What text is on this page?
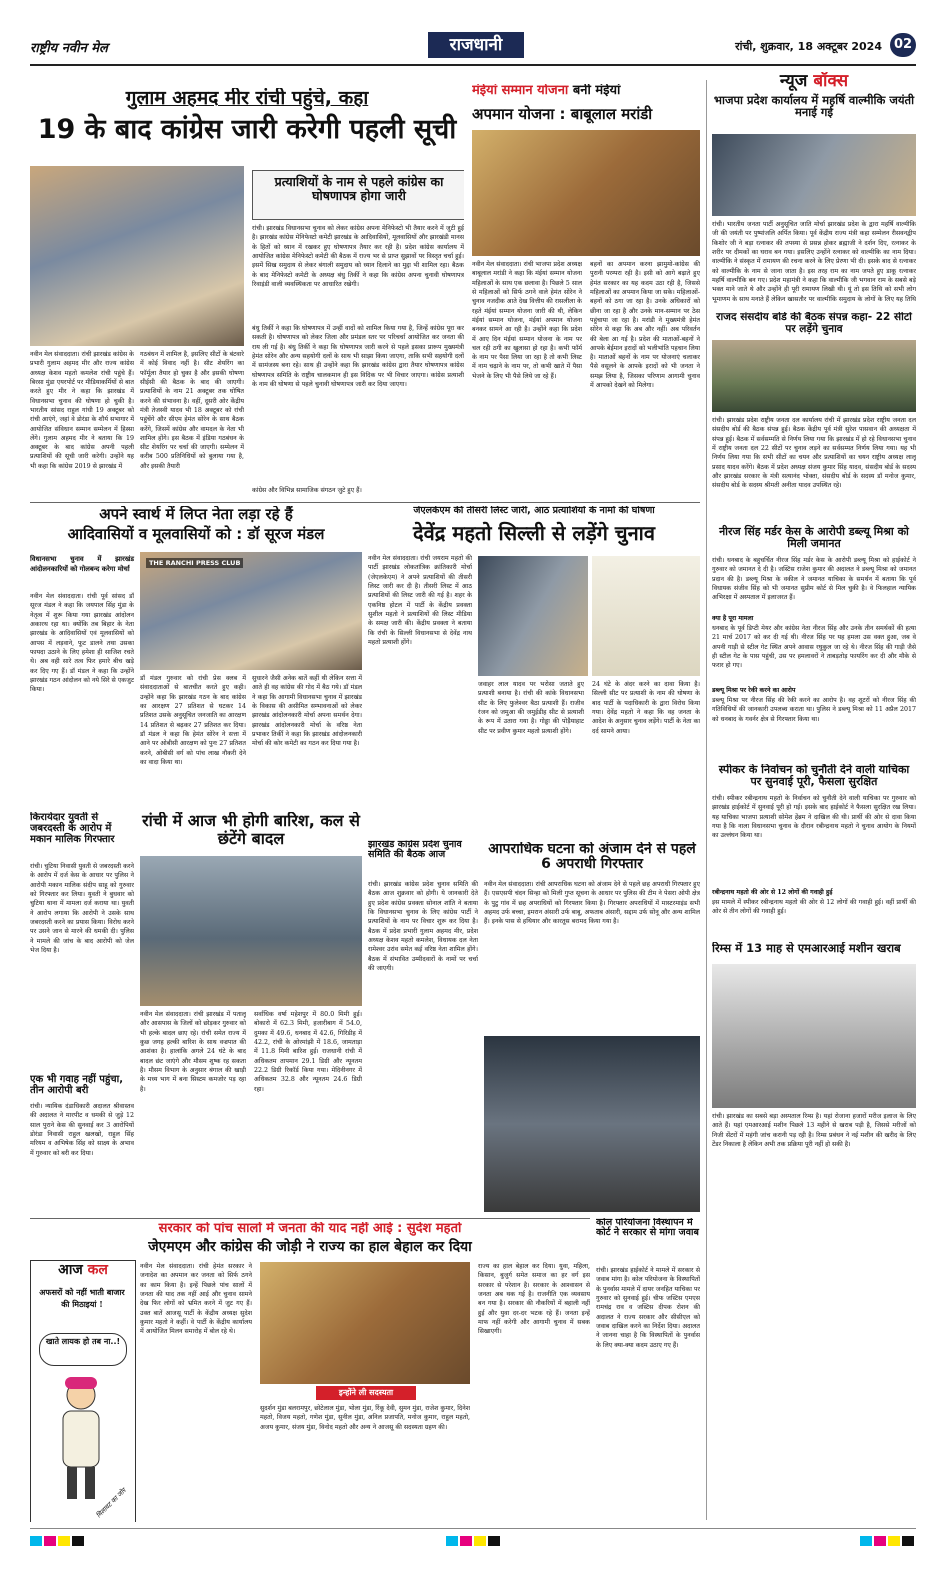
राष्ट्रीय नवीन मेल	राजधानी	रांची, शुक्रवार, 18 अक्टूबर 2024 02

गुलाम अहमद मीर रांची पहुंचे, कहा

19 के बाद कांग्रेस जारी करेगी पहली सूची

प्रत्याशियों के नाम से पहले कांग्रेस का घोषणापत्र होगा जारी

रांची। झारखंड विधानसभा चुनाव को लेकर कांग्रेस अपना मेनिफेस्टो भी तैयार करने में जुटी हुई है। झारखंड कांग्रेस मेनिफेस्टो कमेटी झारखंड के आदिवासियों, मूलवासियों और झारखंडी मानस के हितों को ध्यान में रखकर हुए घोषणापत्र तैयार कर रही है। प्रदेश कांग्रेस कार्यालय में आयोजित कांग्रेस मेनिफेस्टो कमेटी की बैठक में राज्य भर से प्राप्त सुझावों पर विस्तृत चर्चा हुई। इसमें सिख समुदाय से लेकर बंगाली समुदाय को ध्यान दिलाने का मुद्दा भी शामिल रहा। बैठक के बाद मेनिफेस्टो कमेटी के अध्यक्ष बंधु तिर्की ने कहा कि कांग्रेस अपना चुनावी घोषणापत्र रिवाइंडी वाली व्यवस्थिकता पर आधारित रखेगी।

नवीन मेल संवाददाता। रांची झारखंड कांग्रेस के प्रभारी गुलाम अहमद मीर और राज्य कांग्रेस अध्यक्ष केशव महतो कमलेश रांची पहुंचे हैं। बिरसा मुंडा एयरपोर्ट पर मीडियाकर्मियों से बात करते हुए मीर ने कहा कि झारखंड में विधानसभा चुनाव की घोषणा हो चुकी है। भारतीय सांसद राहुल गांधी 19 अक्टूबर को रांची आएंगे, जहां वे डोरंडा के शौर्य सभागार में आयोजित संविधान सम्मान सम्मेलन में हिस्सा लेंगे। गुलाम अहमद मीर ने बताया कि 19 अक्टूबर के बाद कांग्रेस अपनी पहली प्रत्याशियों की सूची जारी करेगी। उन्होंने यह भी कहा कि कांग्रेस 2019 से झारखंड में

गठबंधन में शामिल है, इसलिए सीटों के बंटवारे में कोई विवाद नहीं है। सीट शेयरिंग का फॉर्मूला तैयार हो चुका है और इसकी घोषणा सीईसी की बैठक के बाद की जाएगी। प्रत्याशियों के नाम 21 अक्टूबर तक घोषित करने की संभावना है। वहीं, दूसरी ओर केंद्रीय मंत्री तेजस्वी यादव भी 18 अक्टूबर को रांची पहुंचेंगे और सीएम हेमंत सोरेन के साथ बैठक करेंगे, जिसमें कांग्रेस और वामदल के नेता भी शामिल होंगे। इस बैठक में इंडिया गठबंधन के सीट शेयरिंग पर चर्चा की जाएगी। सम्मेलन में करीब 500 प्रतिनिधियों को बुलाया गया है, और इसकी तैयारी

बंधु तिर्की ने कहा कि घोषणापत्र में उन्हीं वादों को शामिल किया गया है, जिन्हें कांग्रेस पूरा कर सकती है। घोषणापत्र को लेकर जिला और प्रमंडल स्तर पर परिचर्चा आयोजित कर जनता की राय ली गई है। बंधु तिर्की ने कहा कि घोषणापत्र जारी करने से पहले इसका प्रारूप मुख्यमंत्री हेमंत सोरेन और अन्य सहयोगी दलों के साथ भी साझा किया जाएगा, ताकि सभी सहयोगी दलों में सामंजस्य बना रहे। साथ ही उन्होंने कहा कि झारखंड कांग्रेस द्वारा तैयार घोषणापत्र कांग्रेस घोषणापत्र समिति के राष्ट्रीय चालकमान ही इस विदिक पर भी विचार जाएगा। कांग्रेस प्रत्याशी के नाम की घोषणा से पहले चुनावी घोषणापत्र जारी कर दिया जाएगा।

कांग्रेस और विभिन्न सामाजिक संगठन जुटे हुए हैं।

मंईयां सम्मान योजना बनी मंईयां

अपमान योजना : बाबूलाल मरांडी

नवीन मेल संवाददाता। रांची भाजपा प्रदेश अध्यक्ष बाबूलाल मरांडी ने कहा कि मंईयां सम्मान योजना महिलाओं के साथ एक छलावा है। पिछले 5 साल से महिलाओं को सिर्फ ठगने वाले हेमंत सोरेन ने चुनाव नजदीक आते देख वित्तीय की रासलीला के रहते मंईयां सम्मान योजना जारी की थी, लेकिन मंईयां सम्मान योजना, मंईयां अपमान योजना बनकर सामने आ रही है। उन्होंने कहा कि प्रदेश में आए दिन मंईयां सम्मान योजना के नाम पर चल रही ठगी का खुलासा हो रहा है। कभी फॉर्म के नाम पर पैसा लिया जा रहा है तो कभी लिस्ट में नाम चढ़ाने के नाम पर, तो कभी खाते में पैसा भेजने के लिए भी पैसे लिये जा रहे हैं।

बहनों का अपमान करना झामुमो-कांग्रेस की पुरानी परम्परा रही है। इसी को आगे बढ़ाते हुए हेमंत सरकार का यह कदम उठा रही है, जिससे महिलाओं का अपमान किया जा सके। महिलाओं-बहनों को ठगा जा रहा है। उनके अधिकारों को छीना जा रहा है और उनके मान-सम्मान पर ठेस पहुंचाया जा रहा है। मरांडी ने मुख्यमंत्री हेमंत सोरेन से कहा कि अब और नहीं। अब परिवर्तन की बेला आ गई है। प्रदेश की माताओं-बहनों ने आपके बेईमान इरादों को भलीभांति पहचान लिया है। माताओं बहनों के नाम पर योजनाएं चलाकर पैसे वसूलने के आपके इरादों को भी जनता ने समझ लिया है, जिसका परिणाम आगामी चुनाव में आपको देखने को मिलेगा।

न्यूज बॉक्स

भाजपा प्रदेश कार्यालय में महर्षि वाल्मीकि जयंती मनाई गई

रांची। भारतीय जनता पार्टी अनुसूचित जाति मोर्चा झारखंड प्रदेश के द्वारा महर्षि वाल्मीकि जी की जयंती पर पुष्पांजलि अर्पित किया। पूर्व केंद्रीय राज्य मंत्री कहा सम्मेलन रीसवनद्वीप किशोर जी ने बड़ा रत्नाकर की तपस्या से प्रसन्न होकर ब्रह्माजी ने दर्शन दिए, रत्नाकर के शरीर पर दीमकों का घराव बन गया। इसलिए उन्होंने रत्नाकर को वाल्मीकि का नाम दिया। वाल्मीकि ने संस्कृत में रामायण की रचना करने के लिए प्रेरणा भी दी। इसके बाद से रत्नाकर को वाल्मीकि के नाम से जाना जाता है। इस तरह राम का नाम जपते हुए डाकू रत्नाकर महर्षि वाल्मीकि बन गए। प्रदेश महामंत्री ने कहा कि वाल्मीकि जी भगवान राम के सबसे बड़े भक्त माने जाते थे और उन्होंने ही पूरी रामायण लिखी थी। यूं तो इस तिथि को सभी लोग भूमाणम के साथ मनाते हैं लेकिन खासतौर पर वाल्मीकि समुदाय के लोगों के लिए यह तिथि

राजद संसदीय बोर्ड की बैठक संपन्न कहा- 22 सीटों पर लड़ेंगे चुनाव

रांची। झारखंड प्रदेश राष्ट्रीय जनता दल कार्यालय रांची में झारखंड प्रदेश राष्ट्रीय जनता दल संसदीय बोर्ड की बैठक संपन्न हुई। बैठक केंद्रीय पूर्व मंत्री सुरेश पासवान की अध्यक्षता में संपन्न हुई। बैठक में सर्वसम्मति से निर्णय लिया गया कि झारखंड में हो रहे विधानसभा चुनाव में राष्ट्रीय जनता दल 22 सीटों पर चुनाव लड़ने का सर्वसम्मत निर्णय लिया गया। यह भी निर्णय लिया गया कि सभी सीटों का चयन और प्रत्याशियों का चयन राष्ट्रीय अध्यक्ष लालू प्रसाद यादव करेंगे। बैठक में प्रदेश अध्यक्ष संजय कुमार सिंह यादव, संसदीय बोर्ड के सदस्य और झारखंड सरकार के मंत्री सत्यानंद भोक्ता, संसदीय बोर्ड के सदस्य डॉ मनोज कुमार, संसदीय बोर्ड के सदस्य श्रीमती अनीता यादव उपस्थित रहे।

नीरज सिंह मर्डर केस के आरोपी डब्ल्यू मिश्रा को मिली जमानत

रांची। धनबाद के बहुचर्चित नीरज सिंह मर्डर केस के आरोपी डब्ल्यू मिश्रा को हाईकोर्ट ने गुरुवार को जमानत दे दी है। जस्टिस राजेश कुमार की अदालत ने डब्ल्यू मिश्रा को जमानत प्रदान की है। डब्ल्यू मिश्रा के वकील ने जमानत याचिका के समर्थन में बताया कि पूर्व विधायक संजीव सिंह को भी जमानत सुप्रीम कोर्ट से मिल चुकी है। वे फिलहाल न्यायिक अभिरक्षा में अस्पताल में इलाजरत हैं।

क्या है पूरा मामला

धनबाद के पूर्व डिप्टी मेयर और कांग्रेस नेता नीरज सिंह और उनके तीन समर्थकों की हत्या 21 मार्च 2017 को कर दी गई थी। नीरज सिंह पर यह हमला उस वक्त हुआ, जब वे अपनी गाड़ी से स्टील गेट स्थित अपने आवास रघुकुल जा रहे थे। नीरज सिंह की गाड़ी जैसे ही स्टील गेट के पास पहुंची, उस पर हमलावरों ने ताबड़तोड़ फायरिंग कर दी और मौके से फरार हो गए।

डब्ल्यू मिश्रा पर रेकी करने का आरोप

डब्ल्यू मिश्रा पर नीरज सिंह की रेकी करने का आरोप है। वह शूटरों को नीरज सिंह की गतिविधियों की जानकारी उपलब्ध कराता था। पुलिस ने डब्ल्यू मिश्रा को 11 अप्रैल 2017 को धनबाद के गवर्नर क्षेत्र से गिरफ्तार किया था।

स्पीकर के निर्वाचन को चुनौती देने वाली याचिका पर सुनवाई पूरी, फैसला सुरक्षित

रांची। स्पीकर रबीन्द्रनाथ महतो के निर्वाचन को चुनौती देने वाली याचिका पर गुरुवार को झारखंड हाईकोर्ट में सुनवाई पूरी हो गई। इसके बाद हाईकोर्ट ने फैसला सुरक्षित रख लिया। यह याचिका भाजपा प्रत्याशी सोमेश हेंब्रम ने दाखिल की थी। प्रार्थी की ओर से दावा किया गया है कि नाला विधानसभा चुनाव के दौरान रबीन्द्रनाथ महतो ने चुनाव आयोग के नियमों का उल्लंघन किया था।

रबीन्द्रनाथ महतो की ओर से 12 लोगों की गवाही हुई

इस मामले में स्पीकर रबीन्द्रनाथ महतो की ओर से 12 लोगों की गवाही हुई। वहीं प्रार्थी की ओर से तीन लोगों की गवाही हुई।

रिम्स में 13 माह से एमआरआई मशीन खराब

रांची। झारखंड का सबसे बड़ा अस्पताल रिम्स है। यहां रोजाना हजारों मरीज इलाज के लिए आते हैं। यहां एमआरआई मशीन पिछले 13 महीने से खराब पड़ी है, जिससे मरीजों को निजी सेंटरों में महंगी जांच करानी पड़ रही है। रिम्स प्रबंधन ने नई मशीन की खरीद के लिए टेंडर निकाला है लेकिन अभी तक प्रक्रिया पूरी नहीं हो सकी है।

अपने स्वार्थ में लिप्त नेता लड़ा रहे हैं

आदिवासियों व मूलवासियों को : डॉ सूरज मंडल

विधानसभा चुनाव में झारखंड आंदोलनकारियों को गोलबन्द करेगा मोर्चा

THE RANCHI PRESS CLUB

नवीन मेल संवाददाता। रांची पूर्व सांसद डॉ सूरज मंडल ने कहा कि जयपाल सिंह मुंडा के नेतृत्व में शुरू किया गया झारखंड आंदोलन अकारथ रहा था। क्योंकि तब बिहार के नेता झारखंड के आदिवासियों एवं मूलवासियों को आपस में लड़वाने, फूट डालने तथा उसका फायदा उठाने के लिए हमेशा ही साजिश रचते थे। अब वही सारे तत्व फिर हमारे बीच खड़े कर दिए गए हैं। डॉ मंडल ने कहा कि उन्होंने झारखंड गठन आंदोलन को नये सिरे से एकजुट किया।

डॉ मंडल गुरुवार को रांची प्रेस क्लब में संवाददाताओं से बातचीत करते हुए कही। उन्होंने कहा कि झारखंड गठन के बाद कांग्रेस का आरक्षण 27 प्रतिशत से घटकर 14 प्रतिशत उसके अनुसूचित जनजाति का आरक्षण 14 प्रतिशत से बढ़कर 27 प्रतिशत कर दिया। डॉ मंडल ने कहा कि हेमंत सोरेन ने सत्ता में आने पर ओबीसी आरक्षण को पुनः 27 प्रतिशत करने, ओबीसी वर्ग को पांच लाख नौकरी देने का वादा किया था।

सुधारने जैसी अनेक बातें कहीं थी लेकिन सत्ता में आते ही वह कांग्रेस की गोद में बैठ गये। डॉ मंडल ने कहा कि आगामी विधानसभा चुनाव में झारखंड के विकास की असीमित सम्भावनाओं को लेकर झारखंड आंदोलनकारी मोर्चा अपना समर्थन देगा। झारखंड आंदोलनकारी मोर्चा के वरिष्ठ नेता प्रभाकर तिर्की ने कहा कि झारखंड आंदोलनकारी मोर्चा की कोर कमेटी का गठन कर दिया गया है।

जेएलकेएम की तीसरी लिस्ट जारी, आठ प्रत्याशियों के नामों की घोषणा

देवेंद्र महतो सिल्ली से लड़ेंगे चुनाव

नवीन मेल संवाददाता। रांची जयराम महतो की पार्टी झारखंड लोकतांत्रिक क्रांतिकारी मोर्चा (जेएलकेएम) ने अपने प्रत्याशियों की तीसरी लिस्ट जारी कर दी है। तीसरी लिस्ट में आठ प्रत्याशियों की लिस्ट जारी की गई है। शहर के एकनिष्ठ होटल में पार्टी के केंद्रीय प्रवक्ता सुशील महतो ने प्रत्याशियों की लिस्ट मीडिया के समक्ष जारी की। केंद्रीय प्रवक्ता ने बताया कि रांची के सिल्ली विधानसभा से देवेंद्र नाथ महतो प्रत्याशी होंगे।

जवाहर लाल यादव पर भरोसा जताते हुए प्रत्याशी बनाया है। रांची की कांके विधानसभा सीट के लिए फुलेश्वर बैठा प्रत्याशी हैं। राजीव रंजन को जमुआ की जमुईडीह सीट से प्रत्याशी के रूप में उतारा गया है। गोड्डा की पोड़ैयाहाट सीट पर प्रवीण कुमार महतो प्रत्याशी होंगे।

24 घंटे के अंदर करने का दावा किया है। सिल्ली सीट पर प्रत्याशी के नाम की घोषणा के बाद पार्टी के पदाधिकारी के द्वारा विरोध किया गया। देवेंद्र महतो ने कहा कि वह जनता के आदेश के अनुसार चुनाव लड़ेंगे। पार्टी के नेता का दर्द सामने आया।

किरायेदार युवती से जबरदस्ती के आरोप में मकान मालिक गिरफ्तार

रांची। चुटिया निवासी युवती से जबरदस्ती करने के आरोप में दर्ज केस के आधार पर पुलिस ने आरोपी मकान मालिक संदीप साहू को गुरुवार को गिरफ्तार कर लिया। युवती ने बुधवार को चुटिया थाना में मामला दर्ज कराया था। युवती ने आरोप लगाया कि आरोपी ने उसके साथ जबरदस्ती करने का प्रयास किया। विरोध करने पर उसने जान से मारने की धमकी दी। पुलिस ने मामले की जांच के बाद आरोपी को जेल भेज दिया है।

एक भी गवाह नहीं पहुंचा, तीन आरोपी बरी

रांची। न्यायिक दंडाधिकारी अदालत श्रीवास्तव की अदालत ने मारपीट व धमकी से जुड़े 12 साल पुराने केस की सुनवाई कर 3 आरोपियों डोरंडा निवासी राहुल खलखो, राहुल सिंह मरियम व अभिषेक सिंह को साक्ष्य के अभाव में गुरुवार को बरी कर दिया।

रांची में आज भी होगी बारिश, कल से छंटेंगे बादल

नवीन मेल संवाददाता। रांची झारखंड में पतालू और आसपास के जिलों को छोड़कर गुरुवार को भी हल्के बादल छाए रहे। रांची समेत राज्य में कुछ जगह हल्की बारिश के साथ वज्रपात की आशंका है। हालांकि अगले 24 घंटे के बाद बादल छंट जाएंगे और मौसम शुष्क रह सकता है। मौसम विभाग के अनुसार बंगाल की खाड़ी के मध्य भाग में बना सिस्टम कमजोर पड़ रहा है।

सर्वाधिक वर्षा महेशपुर में 80.0 मिमी हुई। बोकारो में 62.3 मिमी, हजारीबाग में 54.0, दुमका में 49.6, धनबाद में 42.6, गिरिडीह में 42.2, रांची के ओरमांझी में 18.6, जामताड़ा में 11.8 मिमी बारिश हुई। राजधानी रांची में अधिकतम तापमान 29.1 डिग्री और न्यूनतम 22.2 डिग्री रिकॉर्ड किया गया। मेदिनीनगर में अधिकतम 32.8 और न्यूनतम 24.6 डिग्री रहा।

झारखंड कांग्रेस प्रदेश चुनाव समिति की बैठक आज

रांची। झारखंड कांग्रेस प्रदेश चुनाव समिति की बैठक आज शुक्रवार को होगी। ये जानकारी देते हुए प्रदेश कांग्रेस प्रवक्ता सोनाल शांति ने बताया कि विधानसभा चुनाव के लिए कांग्रेस पार्टी ने प्रत्याशियों के नाम पर विचार शुरू कर दिया है। बैठक में प्रदेश प्रभारी गुलाम अहमद मीर, प्रदेश अध्यक्ष केशव महतो कमलेश, विधायक दल नेता रामेश्वर उरांव समेत कई वरिष्ठ नेता शामिल होंगे। बैठक में संभावित उम्मीदवारों के नामों पर चर्चा की जाएगी।

आपराधिक घटना को अंजाम देने से पहले 6 अपराधी गिरफ्तार

नवीन मेल संवाददाता। रांची आपराधिक घटना को अंजाम देने से पहले छह अपराधी गिरफ्तार हुए हैं। एसएसपी चंदन सिन्हा को मिली गुप्त सूचना के आधार पर पुलिस की टीम ने पेसरा ओपी क्षेत्र के पुटु गांव में छह अपराधियों को गिरफ्तार किया है। गिरफ्तार अपराधियों में मास्टरमाइंड सभी अहमद उर्फ बच्चा, इमरान अंसारी उर्फ बाबू, अफताब अंसारी, सद्दाम उर्फ सोनू और अन्य शामिल हैं। इनके पास से हथियार और कारतूस बरामद किया गया है।

सरकार को पांच सालों में जनता की याद नहीं आई : सुदेश महतो

जेएमएम और कांग्रेस की जोड़ी ने राज्य का हाल बेहाल कर दिया

आज कल

अफसरों को नहीं भाती बाजार की मिठाइयां !

खाते लायक हो तब ना..!
मिलावट का जोर

नवीन मेल संवाददाता। रांची हेमंत सरकार ने जनादेश का अपमान कर जनता को सिर्फ ठगने का काम किया है। इन्हें पिछले पांच सालों में जनता की याद तक नहीं आई और चुनाव सामने देख फिर लोगों को भ्रमित करने में जुट गए हैं। उक्त बातें आजसू पार्टी के केंद्रीय अध्यक्ष सुदेश कुमार महतो ने कहीं। वे पार्टी के केंद्रीय कार्यालय में आयोजित मिलन समारोह में बोल रहे थे।

इन्होंने ली सदस्यता

सुदर्शन मुंडा बलरामपुर, छोटेलाल मुंडा, भोला मुंडा, रिंकू देवी, सुमन मुंडा, राजेश कुमार, दिनेश महतो, विजय महतो, गणेश मुंडा, सुनील मुंडा, अनिल प्रजापति, मनोज कुमार, राहुल महतो, अजय कुमार, संजय मुंडा, विनोद महतो और अन्य ने आजसू की सदस्यता ग्रहण की।

राज्य का हाल बेहाल कर दिया। युवा, महिला, किसान, बुजुर्ग समेत समाज का हर वर्ग इस सरकार से परेशान है। सरकार के आश्वासन से जनता अब थक गई है। राजनीति एक व्यवसाय बन गया है। सरकार की नौकरियों में बहाली नहीं हुई और युवा दर-दर भटक रहे हैं। जनता इन्हें माफ नहीं करेगी और आगामी चुनाव में सबक सिखाएगी।

कोल परियोजना विस्थापन में कोर्ट ने सरकार से मांगा जवाब

रांची। झारखंड हाईकोर्ट ने मामले में सरकार से जवाब मांगा है। कोल परियोजना के विस्थापितों के पुनर्वास मामले में दायर जनहित याचिका पर गुरुवार को सुनवाई हुई। चीफ जस्टिस एमएस रामचंद्र राव व जस्टिस दीपक रोशन की अदालत ने राज्य सरकार और सीसीएल को जवाब दाखिल करने का निर्देश दिया। अदालत ने जानना चाहा है कि विस्थापितों के पुनर्वास के लिए क्या-क्या कदम उठाए गए हैं।
